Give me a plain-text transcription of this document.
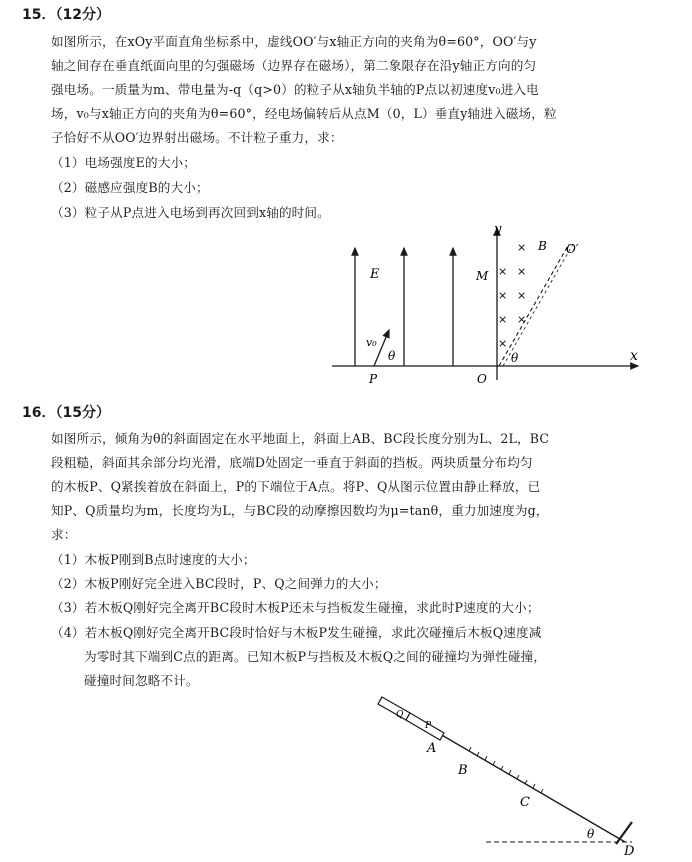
15．（12分）
如图所示，在xOy平面直角坐标系中，虚线OO′与x轴正方向的夹角为θ=60°，OO′与y
轴之间存在垂直纸面向里的匀强磁场（边界存在磁场），第二象限存在沿y轴正方向的匀
强电场。一质量为m、带电量为-q（q>0）的粒子从x轴负半轴的P点以初速度v₀进入电
场，v₀与x轴正方向的夹角为θ=60°，经电场偏转后从点M（0，L）垂直y轴进入磁场，粒
子恰好不从OO′边界射出磁场。不计粒子重力，求：
（1）电场强度E的大小；
（2）磁感应强度B的大小；
（3）粒子从P点进入电场到再次回到x轴的时间。
x
y
E
B O′
M
O
θ
×
×
×
×
×
×
×
×
v₀
θ
P
16．（15分）
如图所示，倾角为θ的斜面固定在水平地面上，斜面上AB、BC段长度分别为L、2L，BC
段粗糙，斜面其余部分均光滑，底端D处固定一垂直于斜面的挡板。两块质量分布均匀
的木板P、Q紧挨着放在斜面上，P的下端位于A点。将P、Q从图示位置由静止释放，已
知P、Q质量均为m，长度均为L，与BC段的动摩擦因数均为μ=tanθ，重力加速度为g，
求：
（1）木板P刚到B点时速度的大小；
（2）木板P刚好完全进入BC段时，P、Q之间弹力的大小；
（3）若木板Q刚好完全离开BC段时木板P还未与挡板发生碰撞，求此时P速度的大小；
（4）若木板Q刚好完全离开BC段时恰好与木板P发生碰撞，求此次碰撞后木板Q速度减
为零时其下端到C点的距离。已知木板P与挡板及木板Q之间的碰撞均为弹性碰撞，
碰撞时间忽略不计。
Q
P
A
B
C
θ
D
